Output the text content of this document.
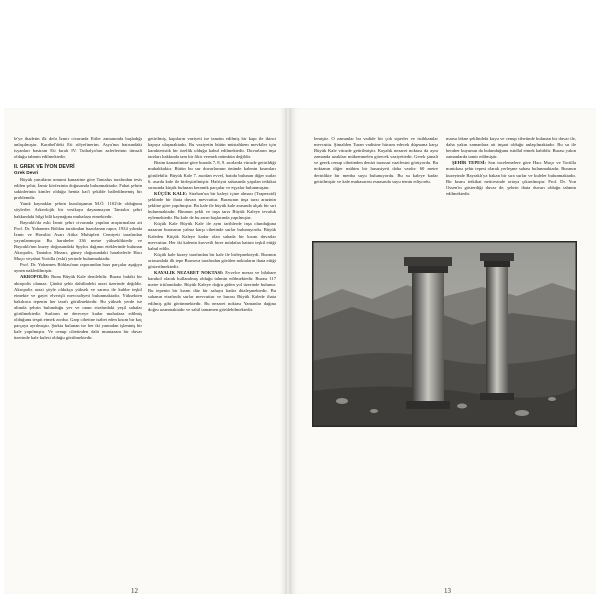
le'ye ihadetin ilk defa İzmir civarında Etiler zamanında başladığı anlaşılmıştır. Karabel'deki Eti rölyefinerim. Asya'nın batısındaki isyanları bastıran Eti kıralı IV. Tuthalya'nın zaferlerinin timsali olduğu tahmin edilmektedir.

II. GREK VE İYON DEVRİ

Grek Devri

Büyük yanıtların umumi kanaatine göre Tantalus tarafından tesis edilen şehir, İzmir körfezinin doğusunda bulunmaktadır. Fakat şehrin sakinlerinin kimler olduğu henüz kat'i şekilde halledilmemiş bir problemdir.

Yanık kaynaklar şehrin kuruluşunun M.Ö. 1102'de olduğunu söylerler. Arkeolojik bir vesikaya dayanmayan Tantalos şehri hakkındaki bilgi bilâ kaynağına muhafaza etmektedir.

Bayraklı'da eski İzmir şehri civarında yapılan araştırmalara ait Prof. Dr. Yohannes Böhlau tarafından hazırlanan rapor, 1934 yılında İzmir ve Havalisi Asarı Atika Muhipleri Cemiyeti tarafından yayınlanmıştır. Bu harabeler 336 metre yüksekliktedir ve Bayraklı'nın kuzey doğusundaki Spylos dağının eteklerinde bulunan Akropolis, Tantalos Mezarı, güney doğusundaki harabelerle Hacı Muço veyahut Yortilla (eski) yerinde bulunmaktadır.

Prof. Dr. Yohannes Böhlau'nun raporundan bazı parçalar aşağıya aynen nakledilmiştir.

AKROPOLİS: Buna Büyük Kale denilebilir. Burası bakiki bir akropolis olamaz. Çünkü şehir dahilindeki arazi üzerinde değildir. Akropolis arazi şöyle oldukça yüksek ve sarımı ile kubbe teşkil etmekte ve gayet elverişli mevcudiyeti bulunmaktadır. Yüksekten bakılınca tepenin her tarafı görülmektedir. Bu yüksek yerde ise altında şehrin bulunduğu yer ve onun etrafındaki yeşil sahalar görülmektedir. Surların ne dereceye kadar muhafaza edilmiş olduğunu tespit etmek zordur. Garp cihetine isabet eden kısım bir kaç parçaya ayrılmıştır. Şarkta bulunan ise her iki yanından işlenmiş bir kale yapılmıştır. Ve cenup cihetinden dahi muntazam bir duvar üzerinde kale kulesi olduğu görülmektedir.

getirilmiş, kapıların vaziyeti ise tanzim edilmiş bir kapı ile ikinci kapıya ulaşmaktadır. Bu vaziyetin bütün müstahkem mevkiler için karakteristik bir özellik olduğu kabul edilmektedir. Duvarların inşa tarzları hakkında tam bir fikir vermek mümkün değildir.

Bizim kanaatimize göre burada 7, 8, 9. asırlarda vücude getirildiği muhakkaktır. Bütün bu sur duvarlarının önünde kalenin kısımları görülebilir. Büyük Kale 7. asırdan evvel, batıda bulunan diğer surlar 6. asırda kale ile birleştirilmiştir. Hafriyat sahasında yapılan tetkikat sırasında küçük bulunan keramik parçalar ve eşyalar bulunmuştur.

KÜÇÜK KALE: Strabon'un bir kaleyi içine alması (Trapezoid) şeklinde bir ihata duvarı mevcuttur. Burasının inşa tarzı arazinin şekline göre yapılmıştır. Bu kale ile büyük kale arasında alçak bir sırt bulunmaktadır. Binanın şekli ve inşa tarzı Büyük Kaleye tevafuk eylemektedir. Bu kale de bu asrın başlarında yapılmıştır.

Küçük Kale Büyük Kale ile aynı tarihlerde inşa olunduğuna nazaran burasının yalnız karşı cihetinde surlar bulunuyordu. Büyük Kaleden Küçük Kaleye kadar olan sahada bir kısım duvarlar mevcuttur. Her iki kalenin kuvvetli birer müdafaa hattını teşkil ettiği kabul edilir.

Küçük kale kuzey tarafından bir kale ile birleşmekteydi. Buranın ortasındaki ilk tepe Bornova tarafından görülen noktaların ihata ettiği gösterilmektedir.

KAYALIK NEZARET NOKTASI: Evvelce mezar ve bilahare karakol olarak kullanılmış olduğu tahmin edilmektedir. Burası 117 metre irtifaındadır. Büyük Kaleye doğru giden yol üzerinde bulunur. Bu tepenin bir kısmı düz bir sahaya kadar düzleşmektedir. Bu sahanın etrafında surlar mevcuttur ve burası Büyük Kalede ihata edilmiş gibi görünmektedir. Bu nezaret noktası Yamanlar dağına doğru uzanmaktadır ve sahil tamamen görülebilmektedir.

12

lemiştir. O zamanlar bu vadide bir çok siperler ve istihkamlar mevcuttu. Şimalden Turan vadisine hücum edecek düşmana karşı Büyük Kale vücude getirilmiştir. Kayalık nezaret noktası da aynı zamanda uzakları mükemmelen görecek vaziyettedir. Gerek şimali ve gerek cenup cihetinden denizi tarassut vazifesini görüyordu. Bu noktanın diğer mühim bir hususiyeti daha vardır: 60 metre derinlikte bir menba suyu bulunuyordu. Bu su kaleye kadar getirilmiştir ve kale muhasarası esnasında suyu temin ediyordu.

marsa lekne şeklindeki kuyu ve cenup cihetinde bulunan bir duvar ile, daha yakın zamanlara ait inşaat olduğu anlaşılmaktadır. Bu su ile beraber kuyunun da bulunduğunu istidlal etmek kabildir. Burası yakın zamanlarda tamir edilmiştir.

ŞEHİR TEPESİ: Son incelemelere göre Hacı Muço ve Tortilla mıntıkası şehir tepesi olarak yerleşme sahası bulunmaktadır. Buranın kuzeyinde Bayraklı'ya bakan bir sıra surlar ve kuleler bulunmaktadır. Bir kısmı tetkikat neticesinde ortaya çıkarılmıştır. Prof. Dr. Yon Ossen'in gösterdiği duvar de, şehrin ihata duvarı olduğu tahmin edilmektedir.

13
